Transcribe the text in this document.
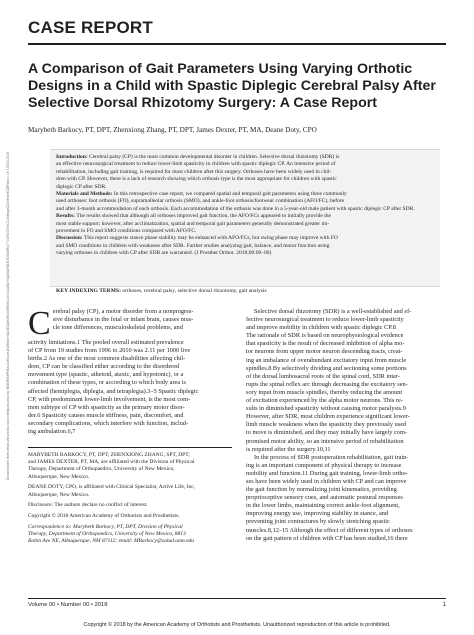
Downloaded from https://journals.lww.com/jpojournal by BhDMf5ePHKav1zEoum1tQfN4a+kJLhEZgbsIHo4XMi0hCywCX1AWnYQp/IlQrHD3i3D0OdRyi7TvSFl4Cf3VC1y0abggQZXdtwnfKZBYtws= on 10/31/2018
CASE REPORT
A Comparison of Gait Parameters Using Varying Orthotic
Designs in a Child with Spastic Diplegic Cerebral Palsy After
Selective Dorsal Rhizotomy Surgery: A Case Report
Marybeth Barkocy, PT, DPT, Zhenxiong Zhang, PT, DPT, James Dexter, PT, MA, Deane Doty, CPO
Introduction: Cerebral palsy (CP) is the most common developmental disorder in children. Selective dorsal rhizotomy (SDR) is
an effective neurosurgical treatment to reduce lower-limb spasticity in children with spastic diplegic CP. An intensive period of
rehabilitation, including gait training, is required for most children after this surgery. Orthoses have been widely used in chil-
dren with CP. However, there is a lack of research showing which orthosis type is the most appropriate for children with spastic
diplegic CP after SDR.
Materials and Methods: In this retrospective case report, we compared spatial and temporal gait parameters using three commonly
used orthoses: foot orthosis (FO), supramalleolar orthosis (SMO), and ankle-foot orthosis/footwear combination (AFO/FC), before
and after 3-month accommodation of each orthosis. Each accommodation of the orthosis was done in a 5-year-old male patient with spastic diplegic CP after SDR.
Results: The results showed that although all orthoses improved gait function, the AFO/FCs appeared to initially provide the
most stable support; however, after acclimatization, spatial and temporal gait parameters generally demonstrated greater im-
provement in FO and SMO conditions compared with AFO/FC.
Discussion: This report suggests stance phase stability may be enhanced with AFO/FCs, but swing phase may improve with FO
and SMO conditions in children with weakness after SDR. Further studies analyzing gait, balance, and motor function using
varying orthoses in children with CP after SDR are warranted. (J Prosthet Orthot. 2018;00:00–00)
KEY INDEXING TERMS: orthoses, cerebral palsy, selective dorsal rhizotomy, gait analysis
C erebral palsy (CP), a motor disorder from a nonprogres-
sive disturbance in the fetal or infant brain, causes mus-
cle tone differences, musculoskeletal problems, and
activity limitations.1 The pooled overall estimated prevalence
of CP from 19 studies from 1996 to 2010 was 2.11 per 1000 live
births.2 As one of the most common disabilities affecting chil-
dren, CP can be classified either according to the disordered
movement type (spastic, athetoid, ataxic, and hypotonic), or a
combination of these types, or according to which body area is
affected (hemiplegia, diplegia, and tetraplegia).3–5 Spastic diplegic
CP, with predominant lower-limb involvement, is the most com-
mon subtype of CP with spasticity as the primary motor disor-
der.6 Spasticity causes muscle stiffness, pain, discomfort, and
secondary complications, which interfere with function, includ-
ing ambulation.6,7
Selective dorsal rhizotomy (SDR) is a well-established and ef-
fective neurosurgical treatment to reduce lower-limb spasticity
and improve mobility in children with spastic diplegic CP.8
The rationale of SDR is based on neurophysiological evidence
that spasticity is the result of decreased inhibition of alpha mo-
tor neurons from upper motor neuron descending tracts, creat-
ing an imbalance of overabundant excitatory input from muscle
spindles.8 By selectively dividing and sectioning some portions
of the dorsal lumbosacral roots of the spinal cord, SDR inter-
rupts the spinal reflex arc through decreasing the excitatory sen-
sory input from muscle spindles, thereby reducing the amount
of excitation experienced by the alpha motor neurons. This re-
sults in diminished spasticity without causing motor paralysis.9
However, after SDR, most children experience significant lower-
limb muscle weakness when the spasticity they previously used
to move is diminished, and they may initially have largely com-
promised motor ability, so an intensive period of rehabilitation
is required after the surgery.10,11
In the process of SDR postoperation rehabilitation, gait train-
ing is an important component of physical therapy to increase
mobility and function.11 During gait training, lower-limb ortho-
ses have been widely used in children with CP and can improve
the gait function by normalizing joint kinematics, providing
proprioceptive sensory cues, and automatic postural responses
in the lower limbs, maintaining correct ankle-foot alignment,
improving energy use, improving stability in stance, and
preventing joint contractures by slowly stretching spastic
muscles.8,12–15 Although the effect of different types of orthoses
on the gait pattern of children with CP has been studied,16 there
MARYBETH BARKOCY, PT, DPT; ZHENXIONG ZHANG, SPT, DPT;
and JAMES DEXTER, PT, MA, are affiliated with the Division of Physical
Therapy, Department of Orthopaedics, University of New Mexico,
Albuquerque, New Mexico.
DEANE DOTY, CPO, is affiliated with Clinical Specialist, Active Life, Inc,
Albuquerque, New Mexico.
Disclosure: The authors declare no conflict of interest.
Copyright © 2018 American Academy of Orthotists and Prosthetists.
Correspondence to: Marybeth Barkocy, PT, DPT, Division of Physical
Therapy, Department of Orthopaedics, University of New Mexico, 8813
Robin Ave NE, Albuquerque, NM 87112; email: MBarkocy@salud.unm.edu
Volume 00 • Number 00 • 2018	1
Copyright © 2018 by the American Academy of Orthotists and Prosthetists. Unauthorized reproduction of this article is prohibited.
